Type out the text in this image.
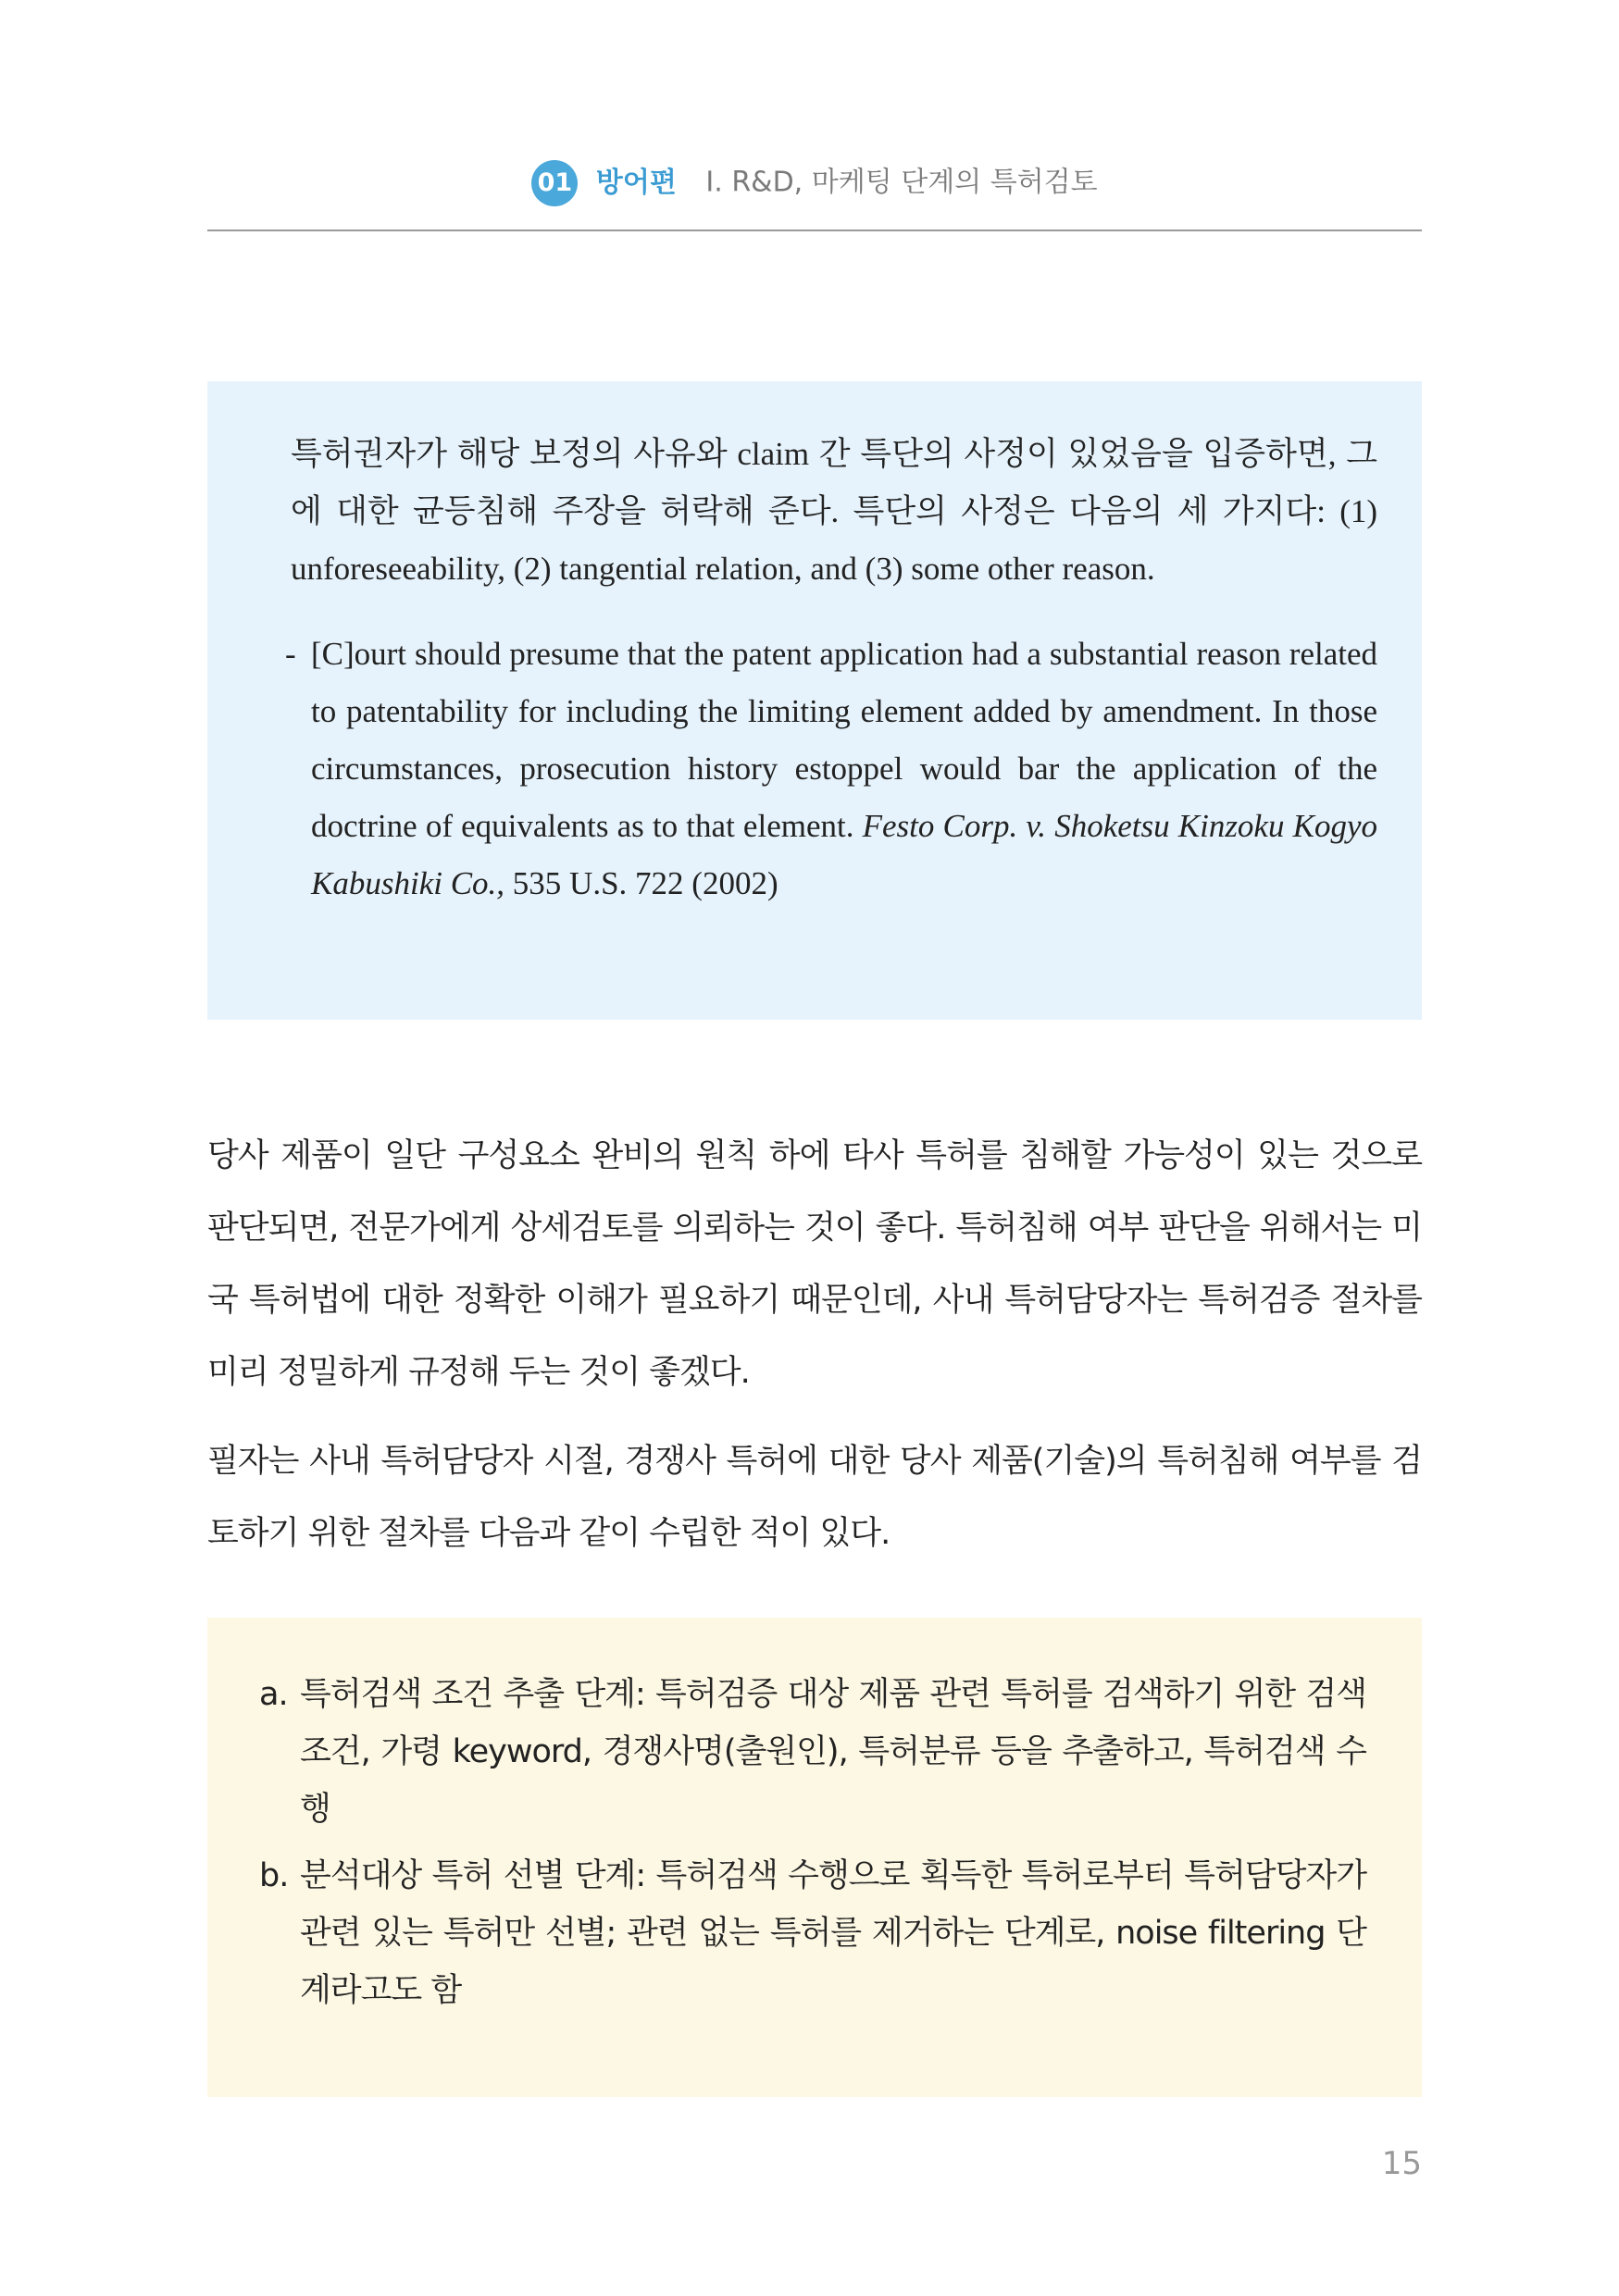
01 방어편 Ⅰ. R&D, 마케팅 단계의 특허검토

특허권자가 해당 보정의 사유와 claim 간 특단의 사정이 있었음을 입증하면, 그에 대한 균등침해 주장을 허락해 준다. 특단의 사정은 다음의 세 가지다: (1) unforeseeability, (2) tangential relation, and (3) some other reason.

- [C]ourt should presume that the patent application had a substantial reason related to patentability for including the limiting element added by amendment. In those circumstances, prosecution history estoppel would bar the application of the doctrine of equivalents as to that element. Festo Corp. v. Shoketsu Kinzoku Kogyo Kabushiki Co., 535 U.S. 722 (2002)

당사 제품이 일단 구성요소 완비의 원칙 하에 타사 특허를 침해할 가능성이 있는 것으로 판단되면, 전문가에게 상세검토를 의뢰하는 것이 좋다. 특허침해 여부 판단을 위해서는 미국 특허법에 대한 정확한 이해가 필요하기 때문인데, 사내 특허담당자는 특허검증 절차를 미리 정밀하게 규정해 두는 것이 좋겠다.

필자는 사내 특허담당자 시절, 경쟁사 특허에 대한 당사 제품(기술)의 특허침해 여부를 검토하기 위한 절차를 다음과 같이 수립한 적이 있다.

a. 특허검색 조건 추출 단계: 특허검증 대상 제품 관련 특허를 검색하기 위한 검색조건, 가령 keyword, 경쟁사명(출원인), 특허분류 등을 추출하고, 특허검색 수행
b. 분석대상 특허 선별 단계: 특허검색 수행으로 획득한 특허로부터 특허담당자가 관련 있는 특허만 선별; 관련 없는 특허를 제거하는 단계로, noise filtering 단계라고도 함
15
